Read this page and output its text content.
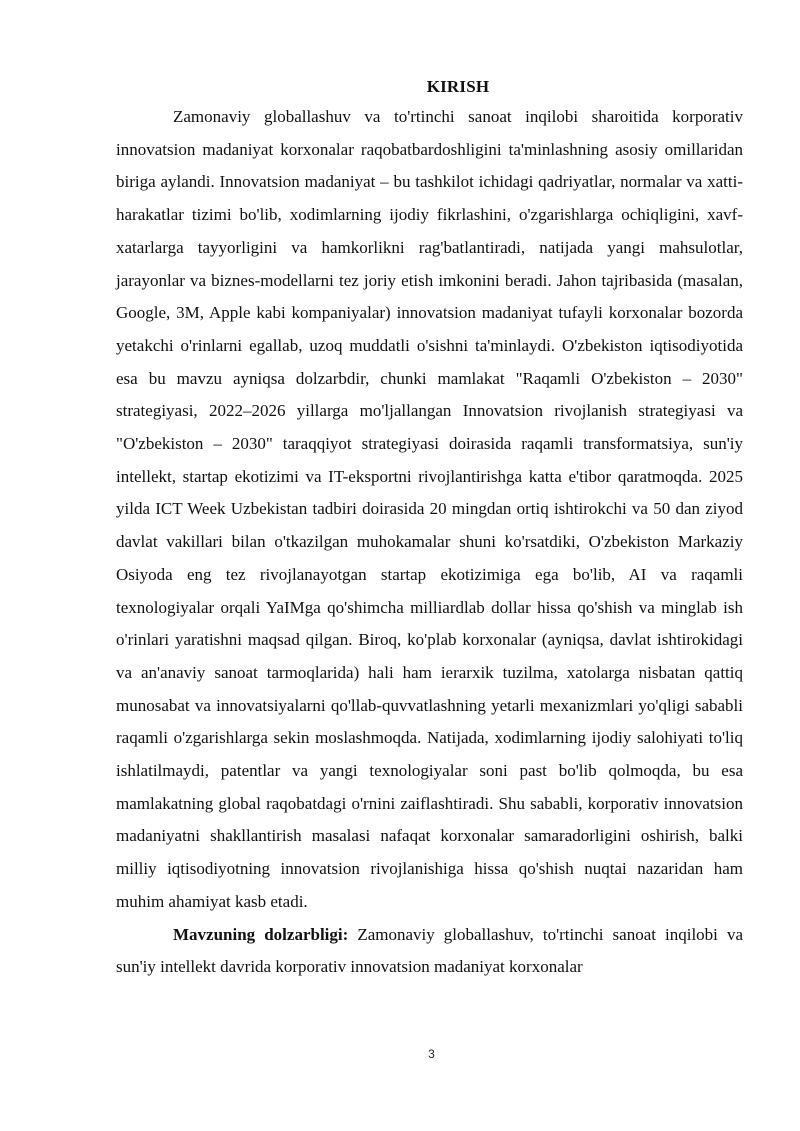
KIRISH

Zamonaviy globallashuv va to'rtinchi sanoat inqilobi sharoitida korporativ innovatsion madaniyat korxonalar raqobatbardoshligini ta'minlashning asosiy omillaridan biriga aylandi. Innovatsion madaniyat – bu tashkilot ichidagi qadriyatlar, normalar va xatti-harakatlar tizimi bo'lib, xodimlarning ijodiy fikrlashini, o'zgarishlarga ochiqligini, xavf-xatarlarga tayyorligini va hamkorlikni rag'batlantiradi, natijada yangi mahsulotlar, jarayonlar va biznes-modellarni tez joriy etish imkonini beradi. Jahon tajribasida (masalan, Google, 3M, Apple kabi kompaniyalar) innovatsion madaniyat tufayli korxonalar bozorda yetakchi o'rinlarni egallab, uzoq muddatli o'sishni ta'minlaydi. O'zbekiston iqtisodiyotida esa bu mavzu ayniqsa dolzarbdir, chunki mamlakat "Raqamli O'zbekiston – 2030" strategiyasi, 2022–2026 yillarga mo'ljallangan Innovatsion rivojlanish strategiyasi va "O'zbekiston – 2030" taraqqiyot strategiyasi doirasida raqamli transformatsiya, sun'iy intellekt, startap ekotizimi va IT-eksportni rivojlantirishga katta e'tibor qaratmoqda. 2025 yilda ICT Week Uzbekistan tadbiri doirasida 20 mingdan ortiq ishtirokchi va 50 dan ziyod davlat vakillari bilan o'tkazilgan muhokamalar shuni ko'rsatdiki, O'zbekiston Markaziy Osiyoda eng tez rivojlanayotgan startap ekotizimiga ega bo'lib, AI va raqamli texnologiyalar orqali YaIMga qo'shimcha milliardlab dollar hissa qo'shish va minglab ish o'rinlari yaratishni maqsad qilgan. Biroq, ko'plab korxonalar (ayniqsa, davlat ishtirokidagi va an'anaviy sanoat tarmoqlarida) hali ham ierarxik tuzilma, xatolarga nisbatan qattiq munosabat va innovatsiyalarni qo'llab-quvvatlashning yetarli mexanizmlari yo'qligi sababli raqamli o'zgarishlarga sekin moslashmoqda. Natijada, xodimlarning ijodiy salohiyati to'liq ishlatilmaydi, patentlar va yangi texnologiyalar soni past bo'lib qolmoqda, bu esa mamlakatning global raqobatdagi o'rnini zaiflashtiradi. Shu sababli, korporativ innovatsion madaniyatni shakllantirish masalasi nafaqat korxonalar samaradorligini oshirish, balki milliy iqtisodiyotning innovatsion rivojlanishiga hissa qo'shish nuqtai nazaridan ham muhim ahamiyat kasb etadi.

Mavzuning dolzarbligi: Zamonaviy globallashuv, to'rtinchi sanoat inqilobi va sun'iy intellekt davrida korporativ innovatsion madaniyat korxonalar

3
